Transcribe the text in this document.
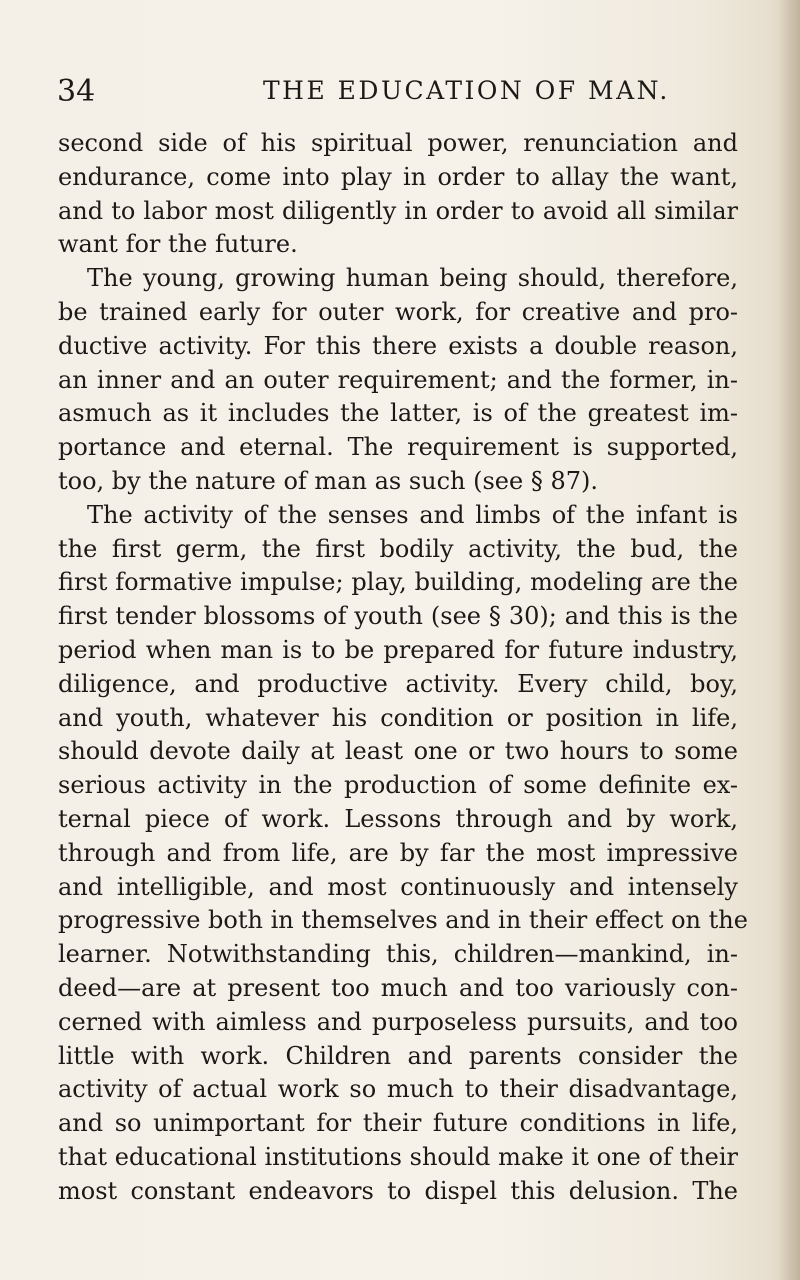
34	THE EDUCATION OF MAN.
second side of his spiritual power, renunciation and
endurance, come into play in order to allay the want,
and to labor most diligently in order to avoid all similar
want for the future.
The young, growing human being should, therefore,
be trained early for outer work, for creative and pro-
ductive activity. For this there exists a double reason,
an inner and an outer requirement; and the former, in-
asmuch as it includes the latter, is of the greatest im-
portance and eternal. The requirement is supported,
too, by the nature of man as such (see § 87).
The activity of the senses and limbs of the infant is
the first germ, the first bodily activity, the bud, the
first formative impulse; play, building, modeling are the
first tender blossoms of youth (see § 30); and this is the
period when man is to be prepared for future industry,
diligence, and productive activity. Every child, boy,
and youth, whatever his condition or position in life,
should devote daily at least one or two hours to some
serious activity in the production of some definite ex-
ternal piece of work. Lessons through and by work,
through and from life, are by far the most impressive
and intelligible, and most continuously and intensely
progressive both in themselves and in their effect on the
learner. Notwithstanding this, children—mankind, in-
deed—are at present too much and too variously con-
cerned with aimless and purposeless pursuits, and too
little with work. Children and parents consider the
activity of actual work so much to their disadvantage,
and so unimportant for their future conditions in life,
that educational institutions should make it one of their
most constant endeavors to dispel this delusion. The
